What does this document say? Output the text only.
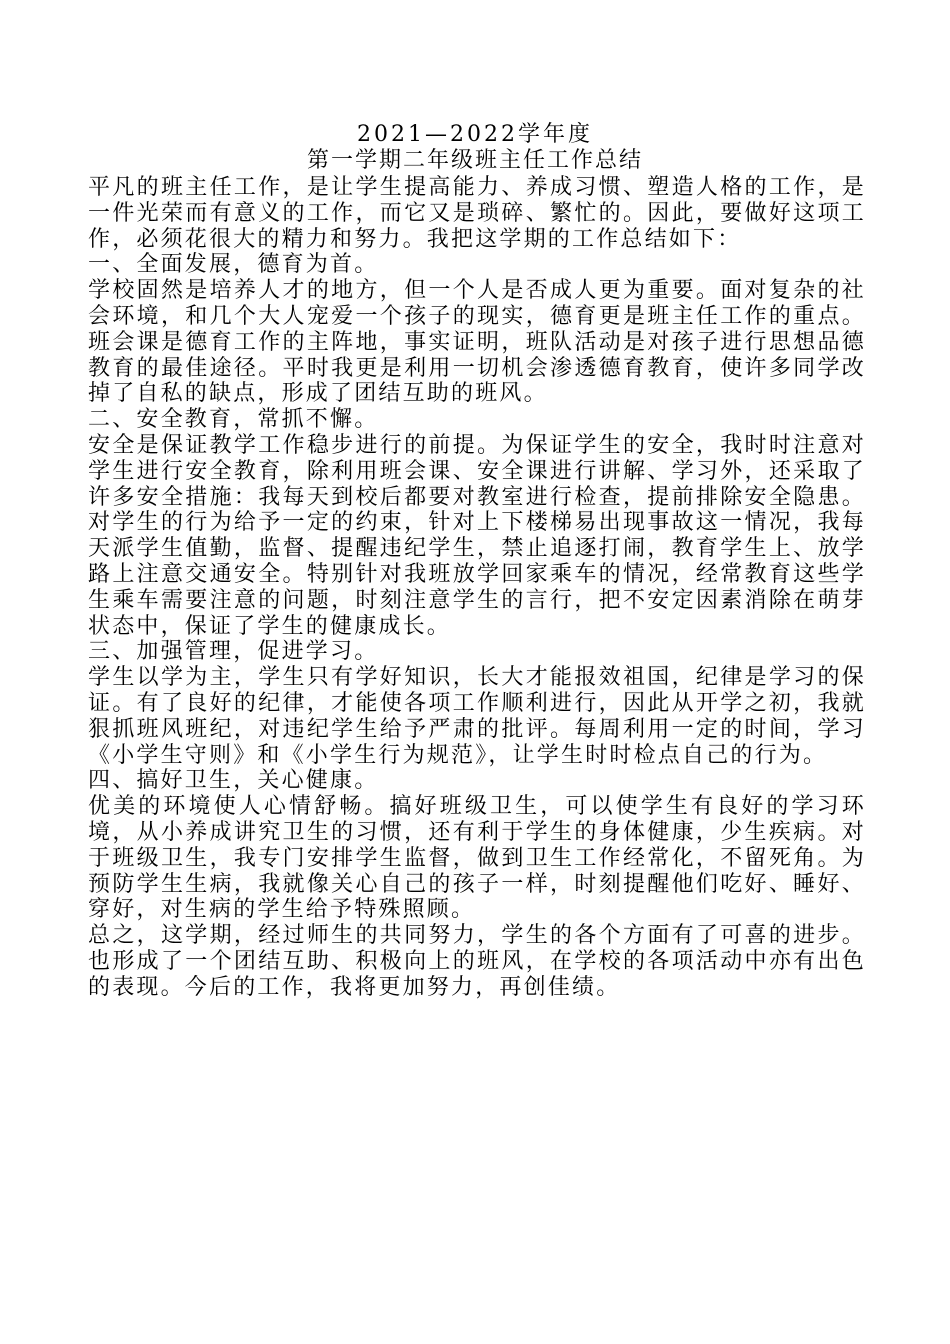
2021—2022学年度
第一学期二年级班主任工作总结

平凡的班主任工作，是让学生提高能力、养成习惯、塑造人格的工作，是一件光荣而有意义的工作，而它又是琐碎、繁忙的。因此，要做好这项工作，必须花很大的精力和努力。我把这学期的工作总结如下：

一、全面发展，德育为首。

学校固然是培养人才的地方，但一个人是否成人更为重要。面对复杂的社会环境，和几个大人宠爱一个孩子的现实，德育更是班主任工作的重点。班会课是德育工作的主阵地，事实证明，班队活动是对孩子进行思想品德教育的最佳途径。平时我更是利用一切机会渗透德育教育，使许多同学改掉了自私的缺点，形成了团结互助的班风。

二、安全教育，常抓不懈。

安全是保证教学工作稳步进行的前提。为保证学生的安全，我时时注意对学生进行安全教育，除利用班会课、安全课进行讲解、学习外，还采取了许多安全措施：我每天到校后都要对教室进行检查，提前排除安全隐患。对学生的行为给予一定的约束，针对上下楼梯易出现事故这一情况，我每天派学生值勤，监督、提醒违纪学生，禁止追逐打闹，教育学生上、放学路上注意交通安全。特别针对我班放学回家乘车的情况，经常教育这些学生乘车需要注意的问题，时刻注意学生的言行，把不安定因素消除在萌芽状态中，保证了学生的健康成长。

三、加强管理，促进学习。

学生以学为主，学生只有学好知识，长大才能报效祖国，纪律是学习的保证。有了良好的纪律，才能使各项工作顺利进行，因此从开学之初，我就狠抓班风班纪，对违纪学生给予严肃的批评。每周利用一定的时间，学习《小学生守则》和《小学生行为规范》，让学生时时检点自己的行为。

四、搞好卫生，关心健康。

优美的环境使人心情舒畅。搞好班级卫生，可以使学生有良好的学习环境，从小养成讲究卫生的习惯，还有利于学生的身体健康，少生疾病。对于班级卫生，我专门安排学生监督，做到卫生工作经常化，不留死角。为预防学生生病，我就像关心自己的孩子一样，时刻提醒他们吃好、睡好、穿好，对生病的学生给予特殊照顾。

总之，这学期，经过师生的共同努力，学生的各个方面有了可喜的进步。也形成了一个团结互助、积极向上的班风，在学校的各项活动中亦有出色的表现。今后的工作，我将更加努力，再创佳绩。
